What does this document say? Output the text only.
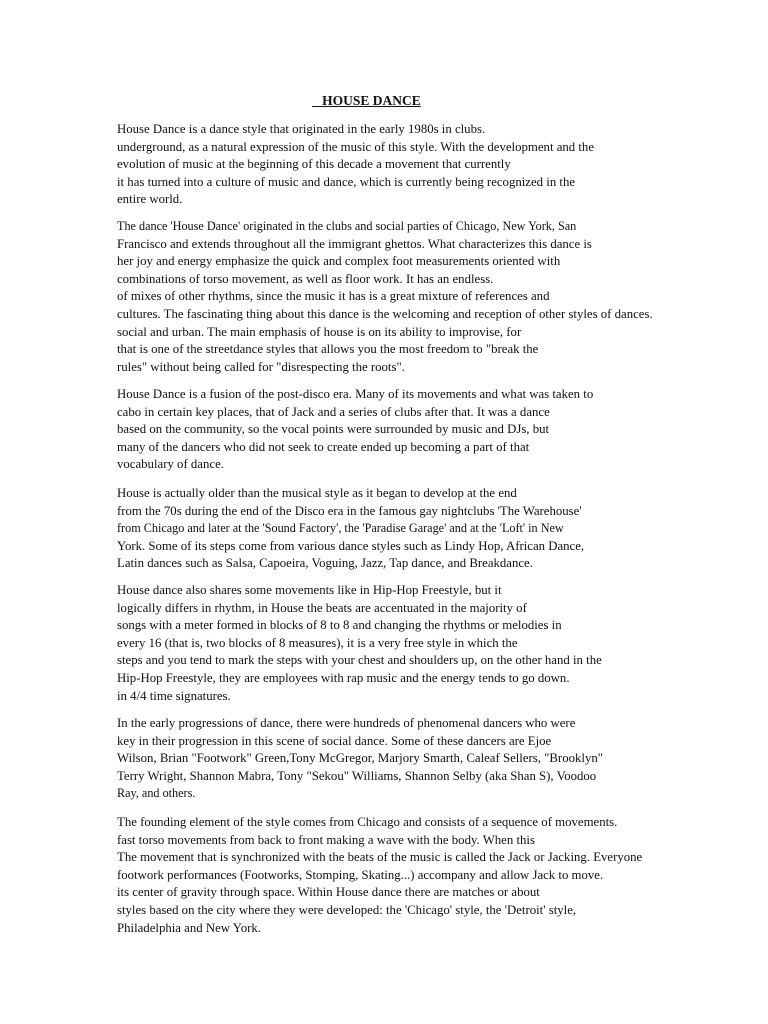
HOUSE DANCE
House Dance is a dance style that originated in the early 1980s in clubs.
underground, as a natural expression of the music of this style. With the development and the
evolution of music at the beginning of this decade a movement that currently
it has turned into a culture of music and dance, which is currently being recognized in the
entire world.
The dance 'House Dance' originated in the clubs and social parties of Chicago, New York, San
Francisco and extends throughout all the immigrant ghettos. What characterizes this dance is
her joy and energy emphasize the quick and complex foot measurements oriented with
combinations of torso movement, as well as floor work. It has an endless.
of mixes of other rhythms, since the music it has is a great mixture of references and
cultures. The fascinating thing about this dance is the welcoming and reception of other styles of dances.
social and urban. The main emphasis of house is on its ability to improvise, for
that is one of the streetdance styles that allows you the most freedom to "break the
rules" without being called for "disrespecting the roots".
House Dance is a fusion of the post-disco era. Many of its movements and what was taken to
cabo in certain key places, that of Jack and a series of clubs after that. It was a dance
based on the community, so the vocal points were surrounded by music and DJs, but
many of the dancers who did not seek to create ended up becoming a part of that
vocabulary of dance.
House is actually older than the musical style as it began to develop at the end
from the 70s during the end of the Disco era in the famous gay nightclubs 'The Warehouse'
from Chicago and later at the 'Sound Factory', the 'Paradise Garage' and at the 'Loft' in New
York. Some of its steps come from various dance styles such as Lindy Hop, African Dance,
Latin dances such as Salsa, Capoeira, Voguing, Jazz, Tap dance, and Breakdance.
House dance also shares some movements like in Hip-Hop Freestyle, but it
logically differs in rhythm, in House the beats are accentuated in the majority of
songs with a meter formed in blocks of 8 to 8 and changing the rhythms or melodies in
every 16 (that is, two blocks of 8 measures), it is a very free style in which the
steps and you tend to mark the steps with your chest and shoulders up, on the other hand in the
Hip-Hop Freestyle, they are employees with rap music and the energy tends to go down.
in 4/4 time signatures.
In the early progressions of dance, there were hundreds of phenomenal dancers who were
key in their progression in this scene of social dance. Some of these dancers are Ejoe
Wilson, Brian "Footwork" Green,Tony McGregor, Marjory Smarth, Caleaf Sellers, "Brooklyn"
Terry Wright, Shannon Mabra, Tony "Sekou" Williams, Shannon Selby (aka Shan S), Voodoo
Ray, and others.
The founding element of the style comes from Chicago and consists of a sequence of movements.
fast torso movements from back to front making a wave with the body. When this
The movement that is synchronized with the beats of the music is called the Jack or Jacking. Everyone
footwork performances (Footworks, Stomping, Skating...) accompany and allow Jack to move.
its center of gravity through space. Within House dance there are matches or about
styles based on the city where they were developed: the 'Chicago' style, the 'Detroit' style,
Philadelphia and New York.
